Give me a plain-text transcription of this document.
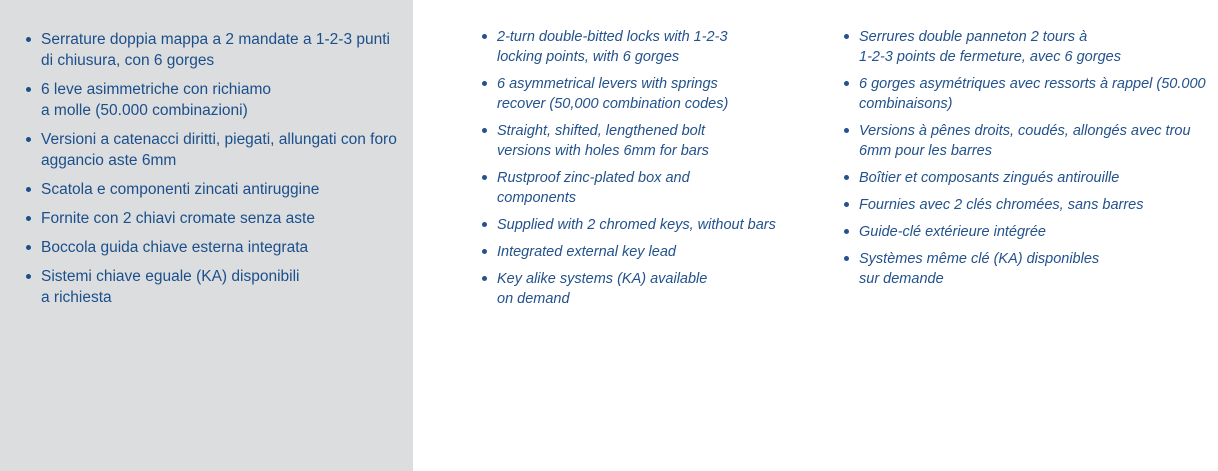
Serrature doppia mappa a 2 mandate a 1-2-3 punti
di chiusura, con 6 gorges
6 leve asimmetriche con richiamo
a molle (50.000 combinazioni)
Versioni a catenacci diritti, piegati, allungati con foro
aggancio aste 6mm
Scatola e componenti zincati antiruggine
Fornite con 2 chiavi cromate senza aste
Boccola guida chiave esterna integrata
Sistemi chiave eguale (KA) disponibili
a richiesta
2-turn double-bitted locks with 1-2-3
locking points, with 6 gorges
6 asymmetrical levers with springs
recover (50,000 combination codes)
Straight, shifted, lengthened bolt
versions with holes 6mm for bars
Rustproof zinc-plated box and
components
Supplied with 2 chromed keys, without bars
Integrated external key lead
Key alike systems (KA) available
on demand
Serrures double panneton 2 tours à
1-2-3 points de fermeture, avec 6 gorges
6 gorges asymétriques avec ressorts à rappel (50.000
combinaisons)
Versions à pênes droits, coudés, allongés avec trou
6mm pour les barres
Boîtier et composants zingués antirouille
Fournies avec 2 clés chromées, sans barres
Guide-clé extérieure intégrée
Systèmes même clé (KA) disponibles
sur demande
